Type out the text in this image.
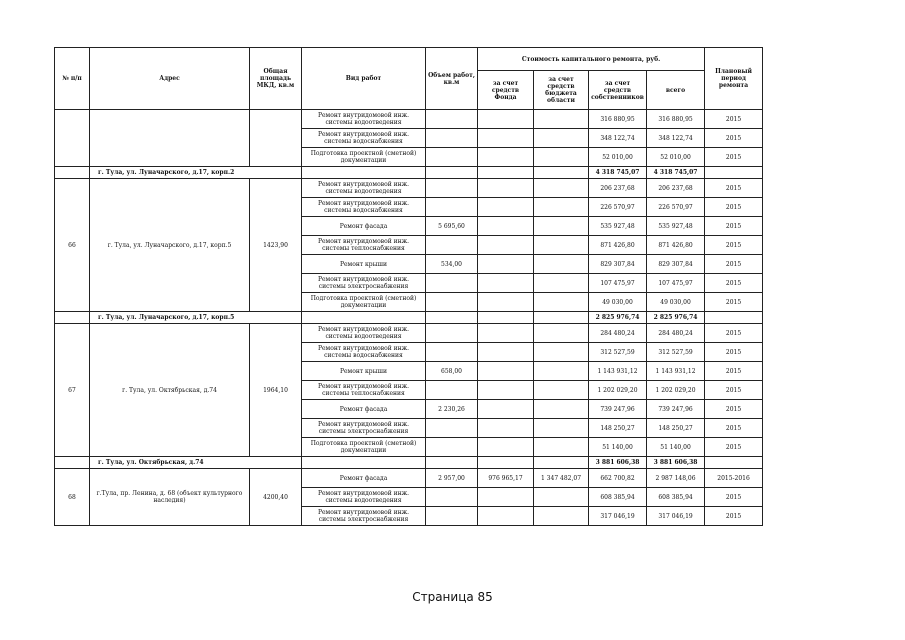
№ п/п	Адрес	Общая площадь МКД, кв.м	Вид работ	Объем работ, кв.м	Стоимость капитального ремонта, руб.				Плановый период ремонта
					за счет средств Фонда	за счет средств бюджета области	за счет средств собственников	всего	
			Ремонт внутридомовой инж. системы водоотведения				316 880,95	316 880,95	2015
			Ремонт внутридомовой инж. системы водоснабжения				348 122,74	348 122,74	2015
			Подготовка проектной (сметной) документации				52 010,00	52 010,00	2015
	г. Тула, ул. Луначарского, д.17, корп.2						4 318 745,07	4 318 745,07	
66	г. Тула, ул. Луначарского, д.17, корп.5	1423,90	Ремонт внутридомовой инж. системы водоотведения				206 237,68	206 237,68	2015
			Ремонт внутридомовой инж. системы водоснабжения				226 570,97	226 570,97	2015
			Ремонт фасада	5 695,60			535 927,48	535 927,48	2015
			Ремонт внутридомовой инж. системы теплоснабжения				871 426,80	871 426,80	2015
			Ремонт крыши	534,00			829 307,84	829 307,84	2015
			Ремонт внутридомовой инж. системы электроснабжения				107 475,97	107 475,97	2015
			Подготовка проектной (сметной) документации				49 030,00	49 030,00	2015
	г. Тула, ул. Луначарского, д.17, корп.5						2 825 976,74	2 825 976,74	
67	г. Тула, ул. Октябрьская, д.74	1964,10	Ремонт внутридомовой инж. системы водоотведения				284 480,24	284 480,24	2015
			Ремонт внутридомовой инж. системы водоснабжения				312 527,59	312 527,59	2015
			Ремонт крыши	658,00			1 143 931,12	1 143 931,12	2015
			Ремонт внутридомовой инж. системы теплоснабжения				1 202 029,20	1 202 029,20	2015
			Ремонт фасада	2 230,26			739 247,96	739 247,96	2015
			Ремонт внутридомовой инж. системы электроснабжения				148 250,27	148 250,27	2015
			Подготовка проектной (сметной) документации				51 140,00	51 140,00	2015
	г. Тула, ул. Октябрьская, д.74						3 881 606,38	3 881 606,38	
68	г.Тула, пр. Ленина, д. 68 (объект культурного наследия)	4200,40	Ремонт фасада	2 957,00	976 965,17	1 347 482,07	662 700,82	2 987 148,06	2015-2016
			Ремонт внутридомовой инж. системы водоотведения				608 385,94	608 385,94	2015
			Ремонт внутридомовой инж. системы электроснабжения				317 046,19	317 046,19	2015
Страница 85
